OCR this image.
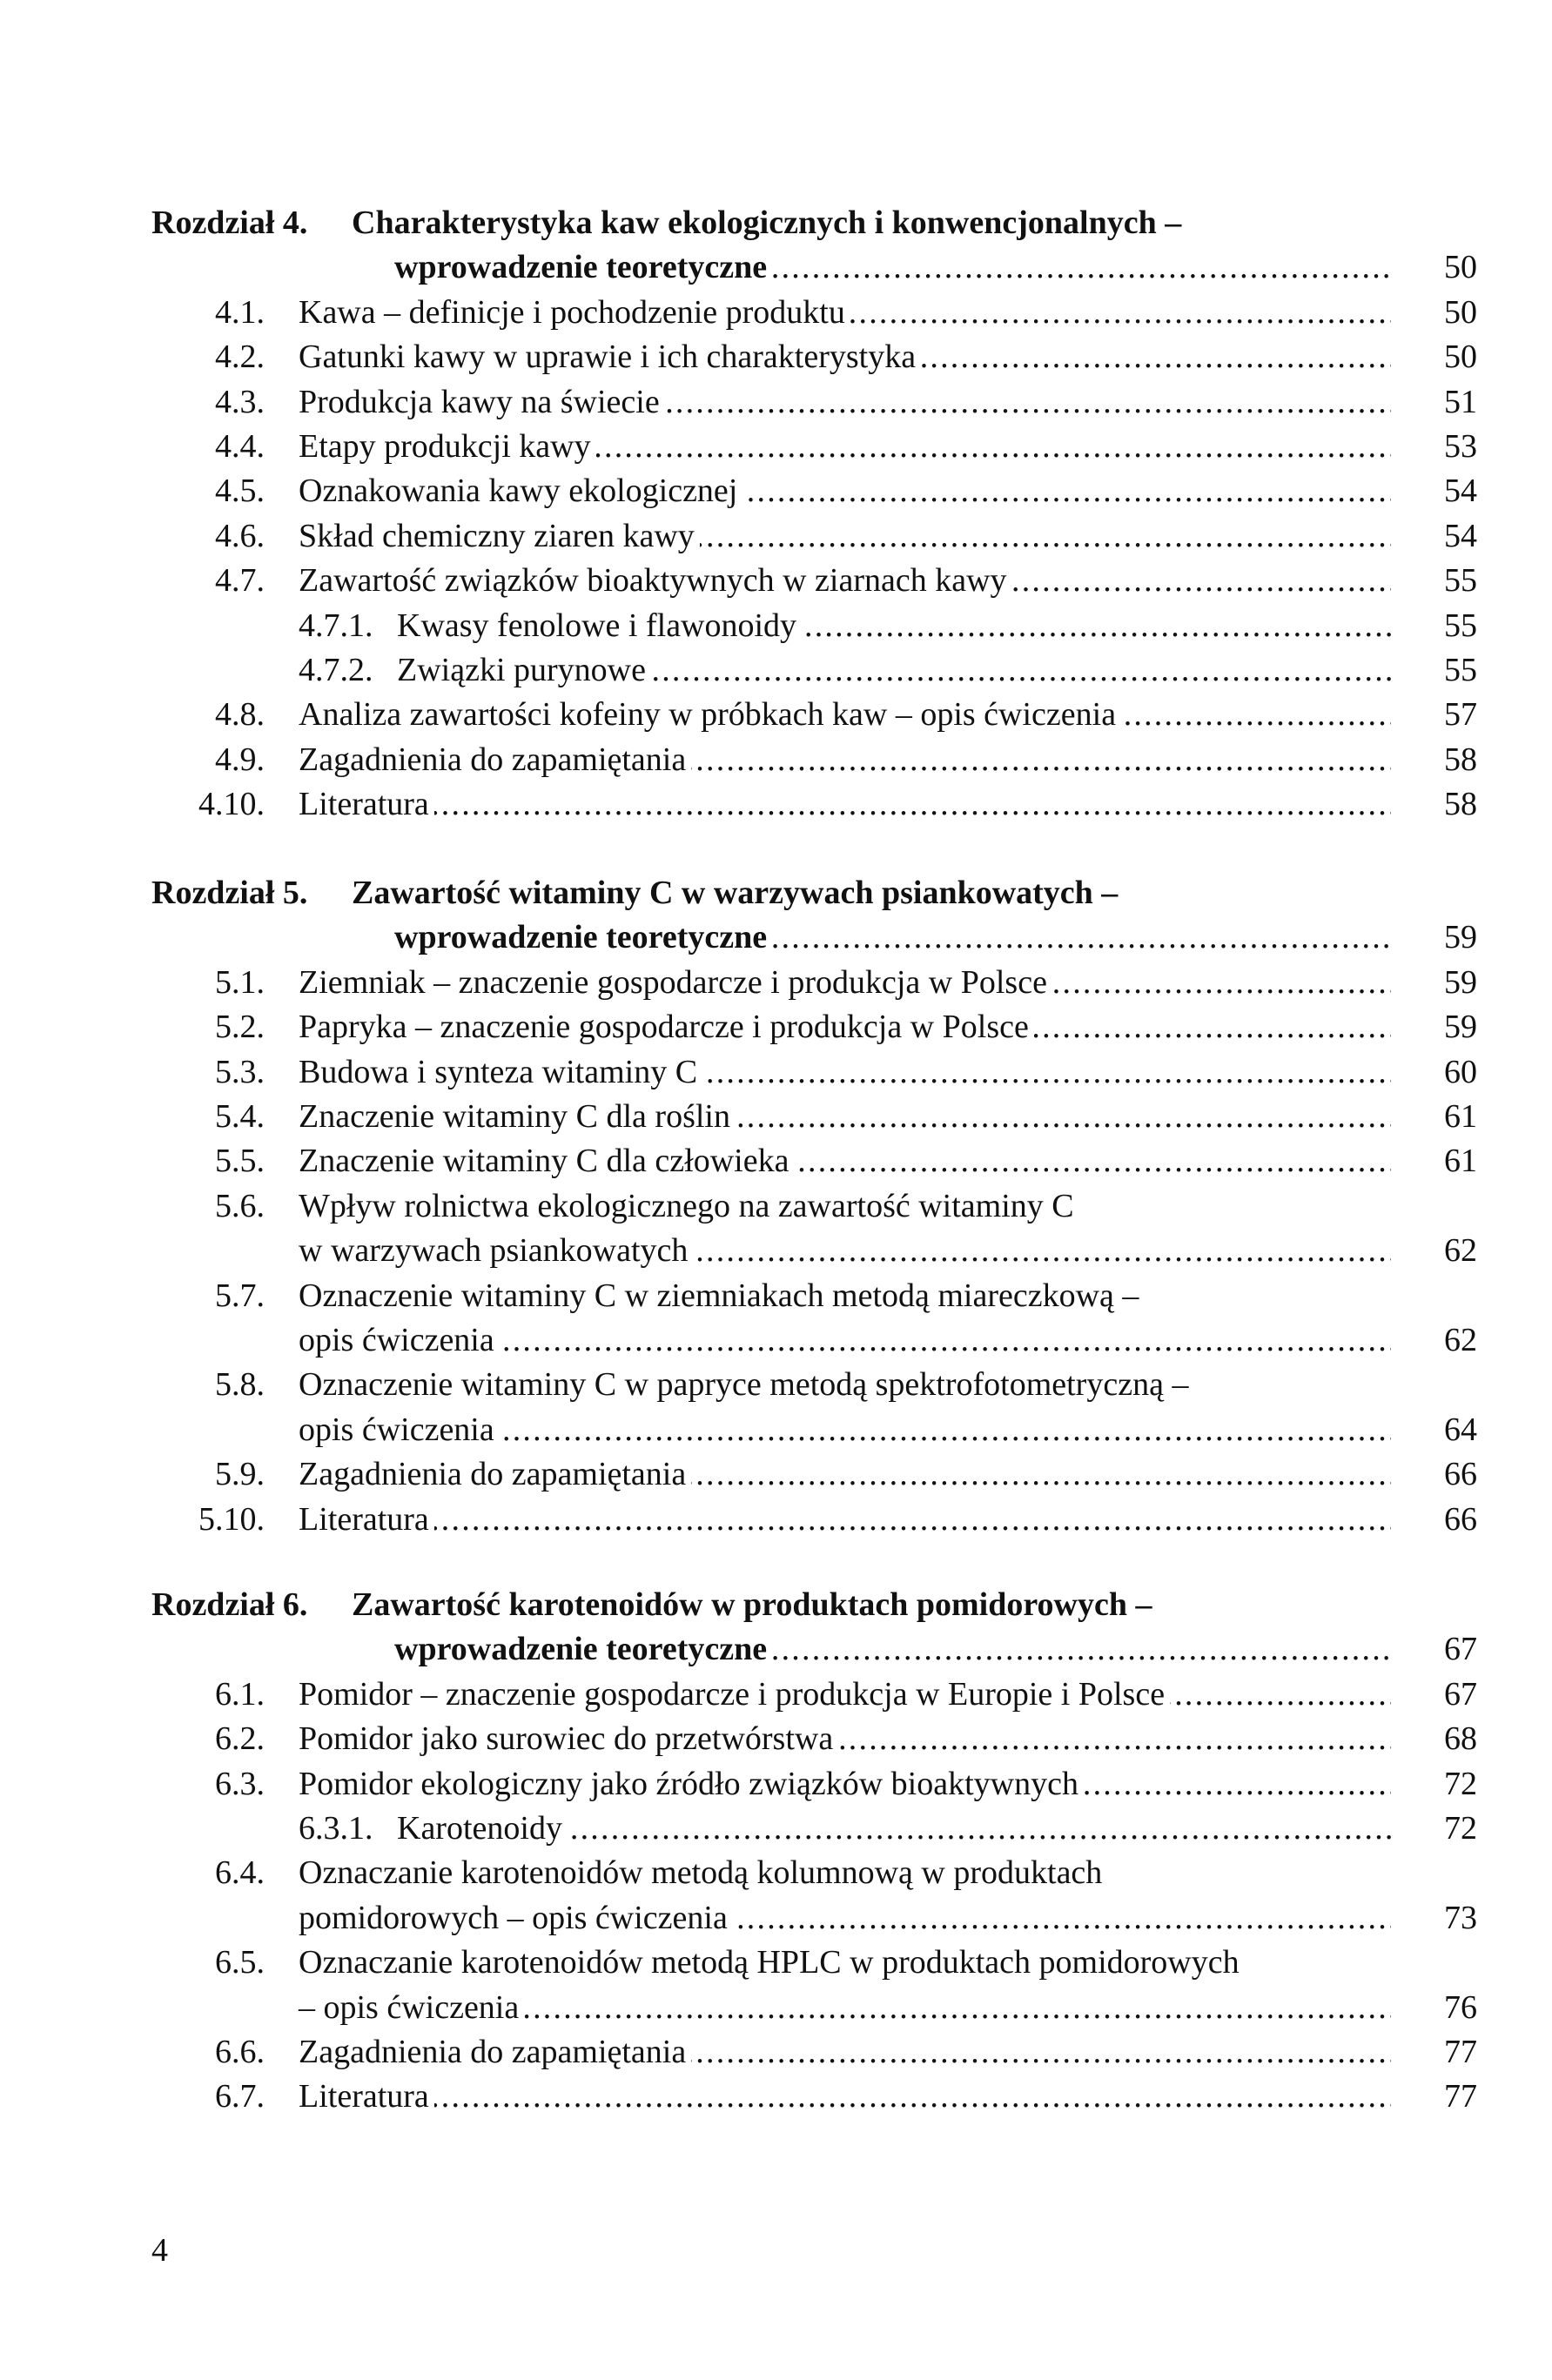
Rozdział 4. Charakterystyka kaw ekologicznych i konwencjonalnych –
.....
wprowadzenie teoretyczne	50
4.1. ..... Kawa – definicje i pochodzenie produktu	50
4.2. ..... Gatunki kawy w uprawie i ich charakterystyka	50
4.3. ..... Produkcja kawy na świecie	51
4.4. ..... Etapy produkcji kawy	53
4.5. ..... Oznakowania kawy ekologicznej	54
4.6. ..... Skład chemiczny ziaren kawy	54
4.7. ..... Zawartość związków bioaktywnych w ziarnach kawy	55
4.7.1. ..... Kwasy fenolowe i flawonoidy	55
4.7.2. ..... Związki purynowe	55
4.8. ..... Analiza zawartości kofeiny w próbkach kaw – opis ćwiczenia	57
4.9. ..... Zagadnienia do zapamiętania	58
4.10. ..... Literatura	58
Rozdział 5. Zawartość witaminy C w warzywach psiankowatych –
.....
wprowadzenie teoretyczne	59
5.1. ..... Ziemniak – znaczenie gospodarcze i produkcja w Polsce	59
5.2. ..... Papryka – znaczenie gospodarcze i produkcja w Polsce	59
5.3. ..... Budowa i synteza witaminy C	60
5.4. ..... Znaczenie witaminy C dla roślin	61
5.5. ..... Znaczenie witaminy C dla człowieka	61
5.6. Wpływ rolnictwa ekologicznego na zawartość witaminy C
.....
w warzywach psiankowatych	62
5.7. Oznaczenie witaminy C w ziemniakach metodą miareczkową –
.....
opis ćwiczenia	62
5.8. Oznaczenie witaminy C w papryce metodą spektrofotometryczną –
.....
opis ćwiczenia	64
5.9. ..... Zagadnienia do zapamiętania	66
5.10. ..... Literatura	66
Rozdział 6. Zawartość karotenoidów w produktach pomidorowych –
.....
wprowadzenie teoretyczne	67
6.1. ..... Pomidor – znaczenie gospodarcze i produkcja w Europie i Polsce	67
6.2. ..... Pomidor jako surowiec do przetwórstwa	68
6.3. ..... Pomidor ekologiczny jako źródło związków bioaktywnych	72
6.3.1. ..... Karotenoidy	72
6.4. Oznaczanie karotenoidów metodą kolumnową w produktach
.....
pomidorowych – opis ćwiczenia	73
6.5. Oznaczanie karotenoidów metodą HPLC w produktach pomidorowych
.....
– opis ćwiczenia	76
6.6. ..... Zagadnienia do zapamiętania	77
6.7. ..... Literatura	77
4
